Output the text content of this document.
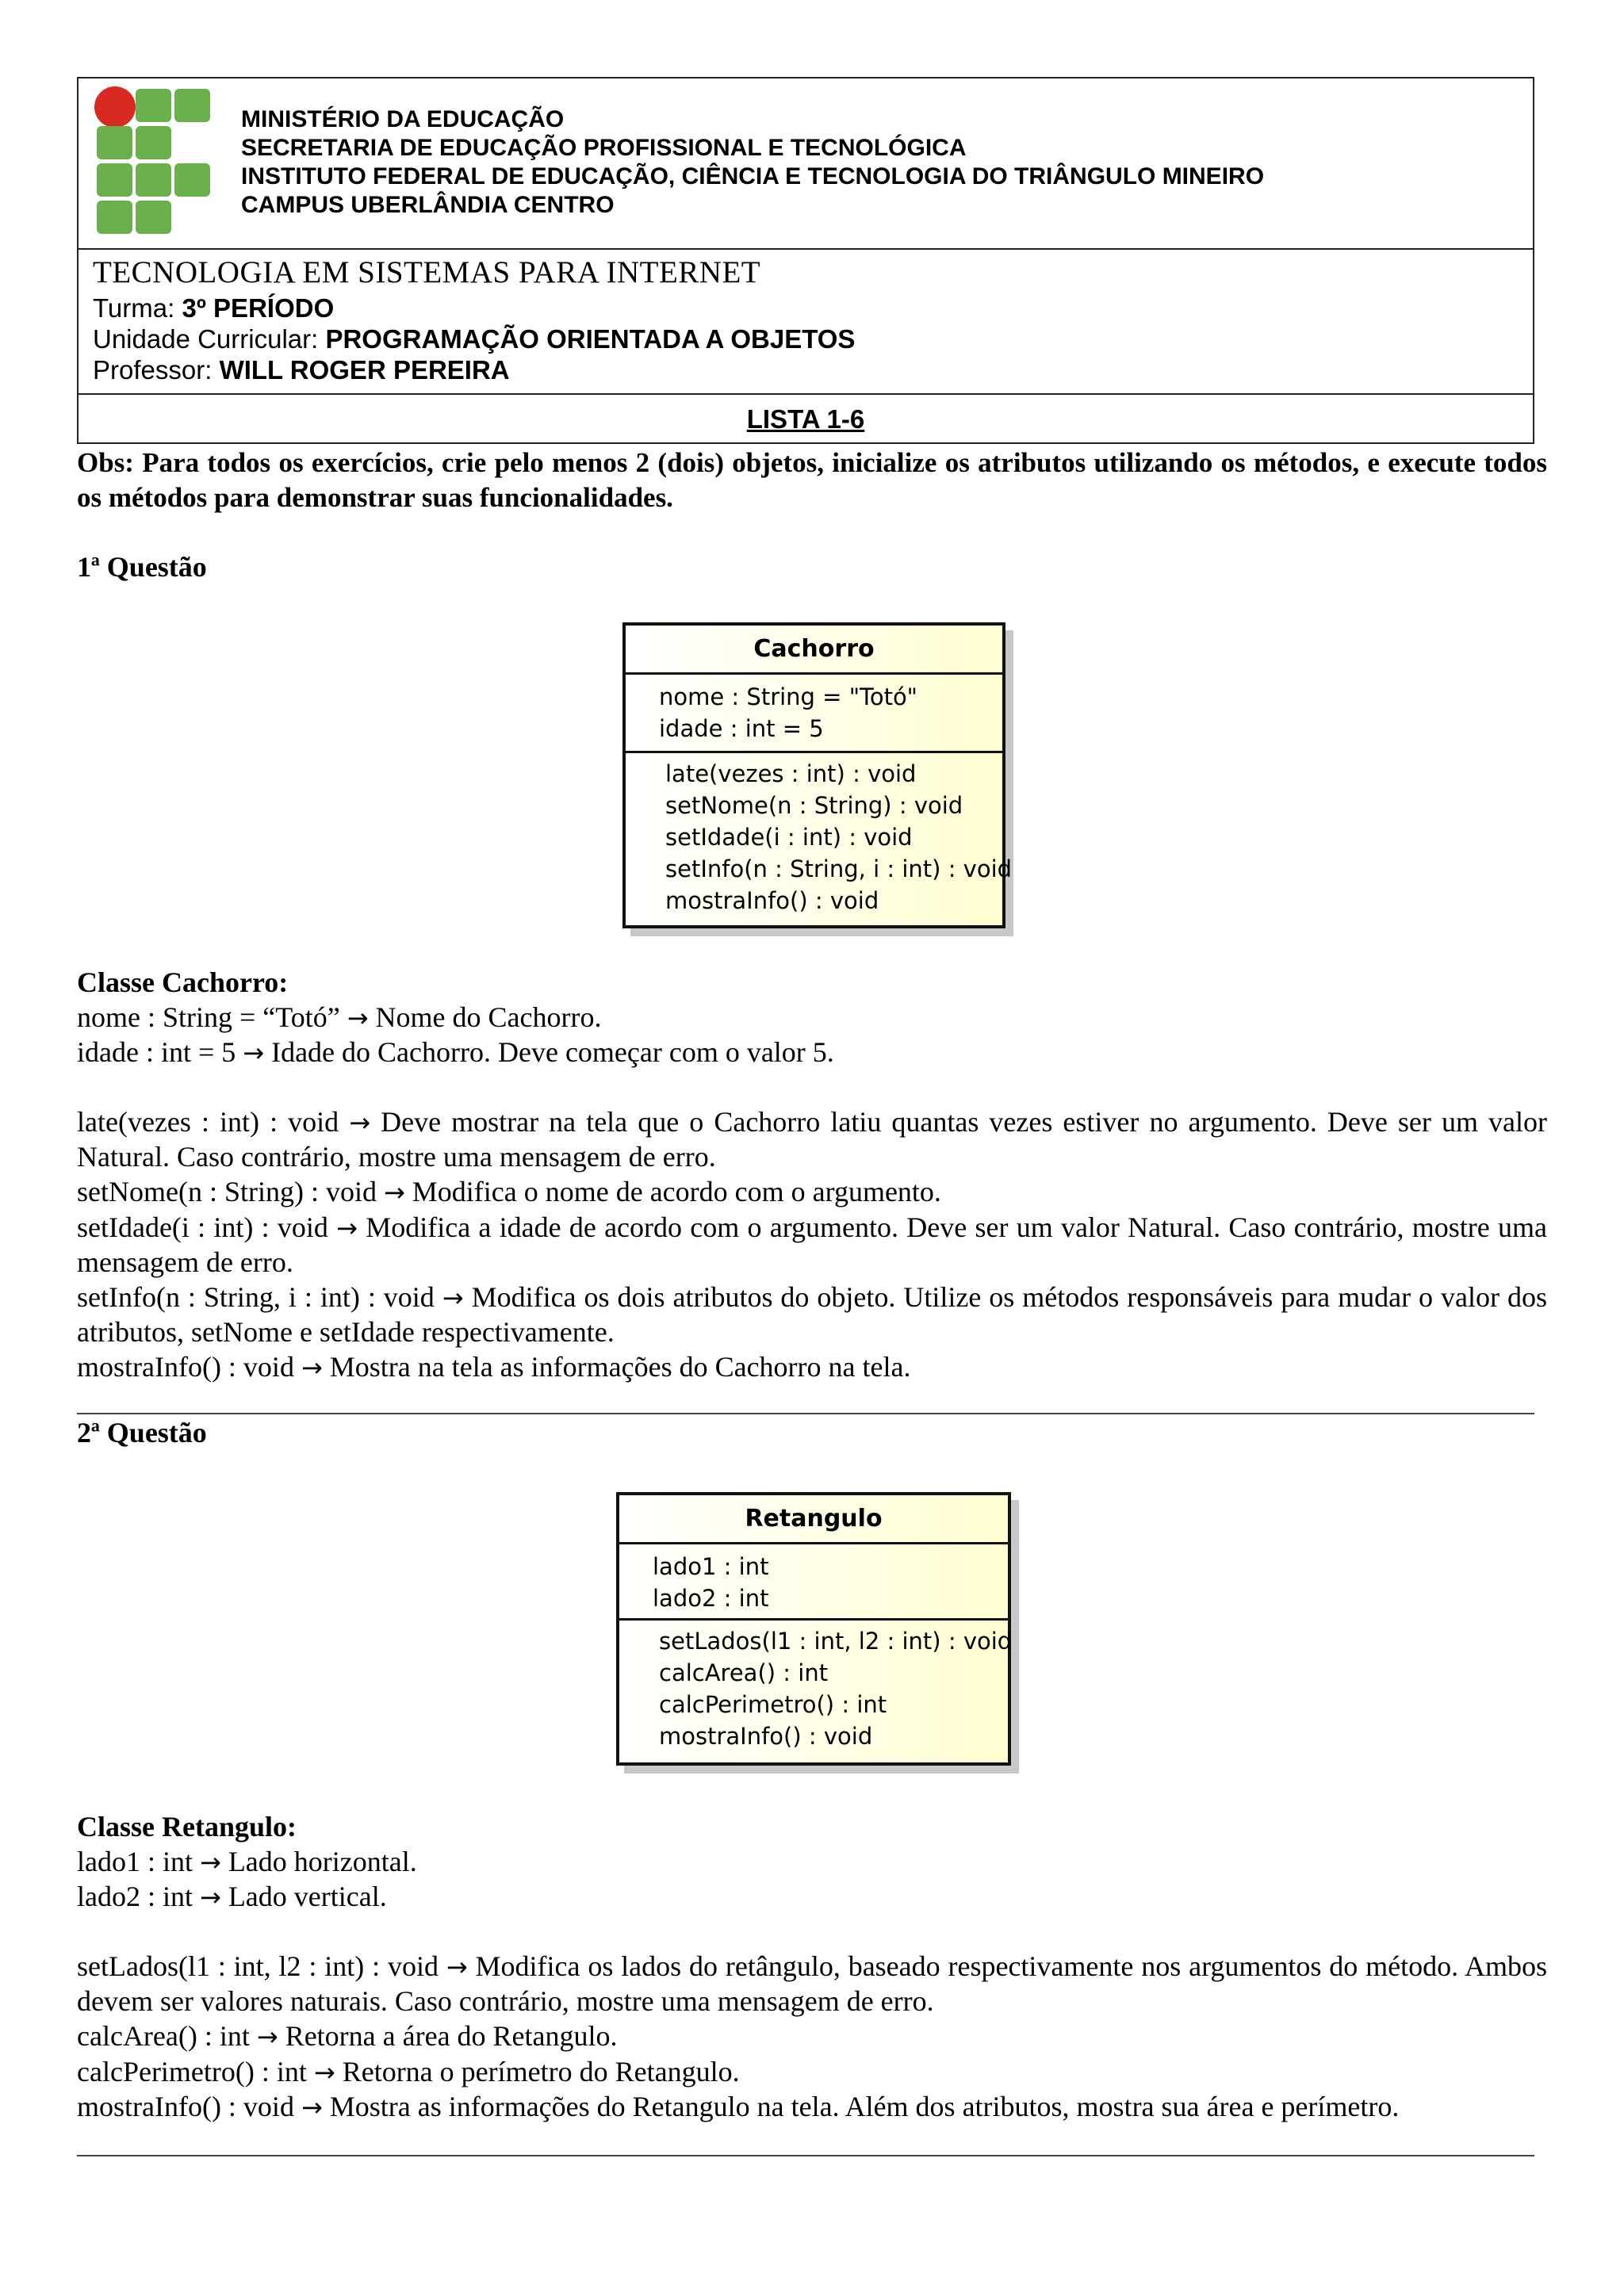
MINISTÉRIO DA EDUCAÇÃO
SECRETARIA DE EDUCAÇÃO PROFISSIONAL E TECNOLÓGICA
INSTITUTO FEDERAL DE EDUCAÇÃO, CIÊNCIA E TECNOLOGIA DO TRIÂNGULO MINEIRO
CAMPUS UBERLÂNDIA CENTRO
TECNOLOGIA EM SISTEMAS PARA INTERNET
Turma: 3º PERÍODO
Unidade Curricular: PROGRAMAÇÃO ORIENTADA A OBJETOS
Professor: WILL ROGER PEREIRA
LISTA 1-6
Obs: Para todos os exercícios, crie pelo menos 2 (dois) objetos, inicialize os atributos utilizando os métodos, e execute todos os métodos para demonstrar suas funcionalidades.
1ª Questão
Cachorro
nome : String = "Totó"
idade : int = 5
late(vezes : int) : void
setNome(n : String) : void
setIdade(i : int) : void
setInfo(n : String, i : int) : void
mostraInfo() : void
Classe Cachorro:
nome : String = “Totó” → Nome do Cachorro.
idade : int = 5 → Idade do Cachorro. Deve começar com o valor 5.
late(vezes : int) : void → Deve mostrar na tela que o Cachorro latiu quantas vezes estiver no argumento. Deve ser um valor Natural. Caso contrário, mostre uma mensagem de erro.
setNome(n : String) : void → Modifica o nome de acordo com o argumento.
setIdade(i : int) : void → Modifica a idade de acordo com o argumento. Deve ser um valor Natural. Caso contrário, mostre uma mensagem de erro.
setInfo(n : String, i : int) : void → Modifica os dois atributos do objeto. Utilize os métodos responsáveis para mudar o valor dos atributos, setNome e setIdade respectivamente.
mostraInfo() : void → Mostra na tela as informações do Cachorro na tela.
2ª Questão
Retangulo
lado1 : int
lado2 : int
setLados(l1 : int, l2 : int) : void
calcArea() : int
calcPerimetro() : int
mostraInfo() : void
Classe Retangulo:
lado1 : int → Lado horizontal.
lado2 : int → Lado vertical.
setLados(l1 : int, l2 : int) : void → Modifica os lados do retângulo, baseado respectivamente nos argumentos do método. Ambos devem ser valores naturais. Caso contrário, mostre uma mensagem de erro.
calcArea() : int → Retorna a área do Retangulo.
calcPerimetro() : int → Retorna o perímetro do Retangulo.
mostraInfo() : void → Mostra as informações do Retangulo na tela. Além dos atributos, mostra sua área e perímetro.
